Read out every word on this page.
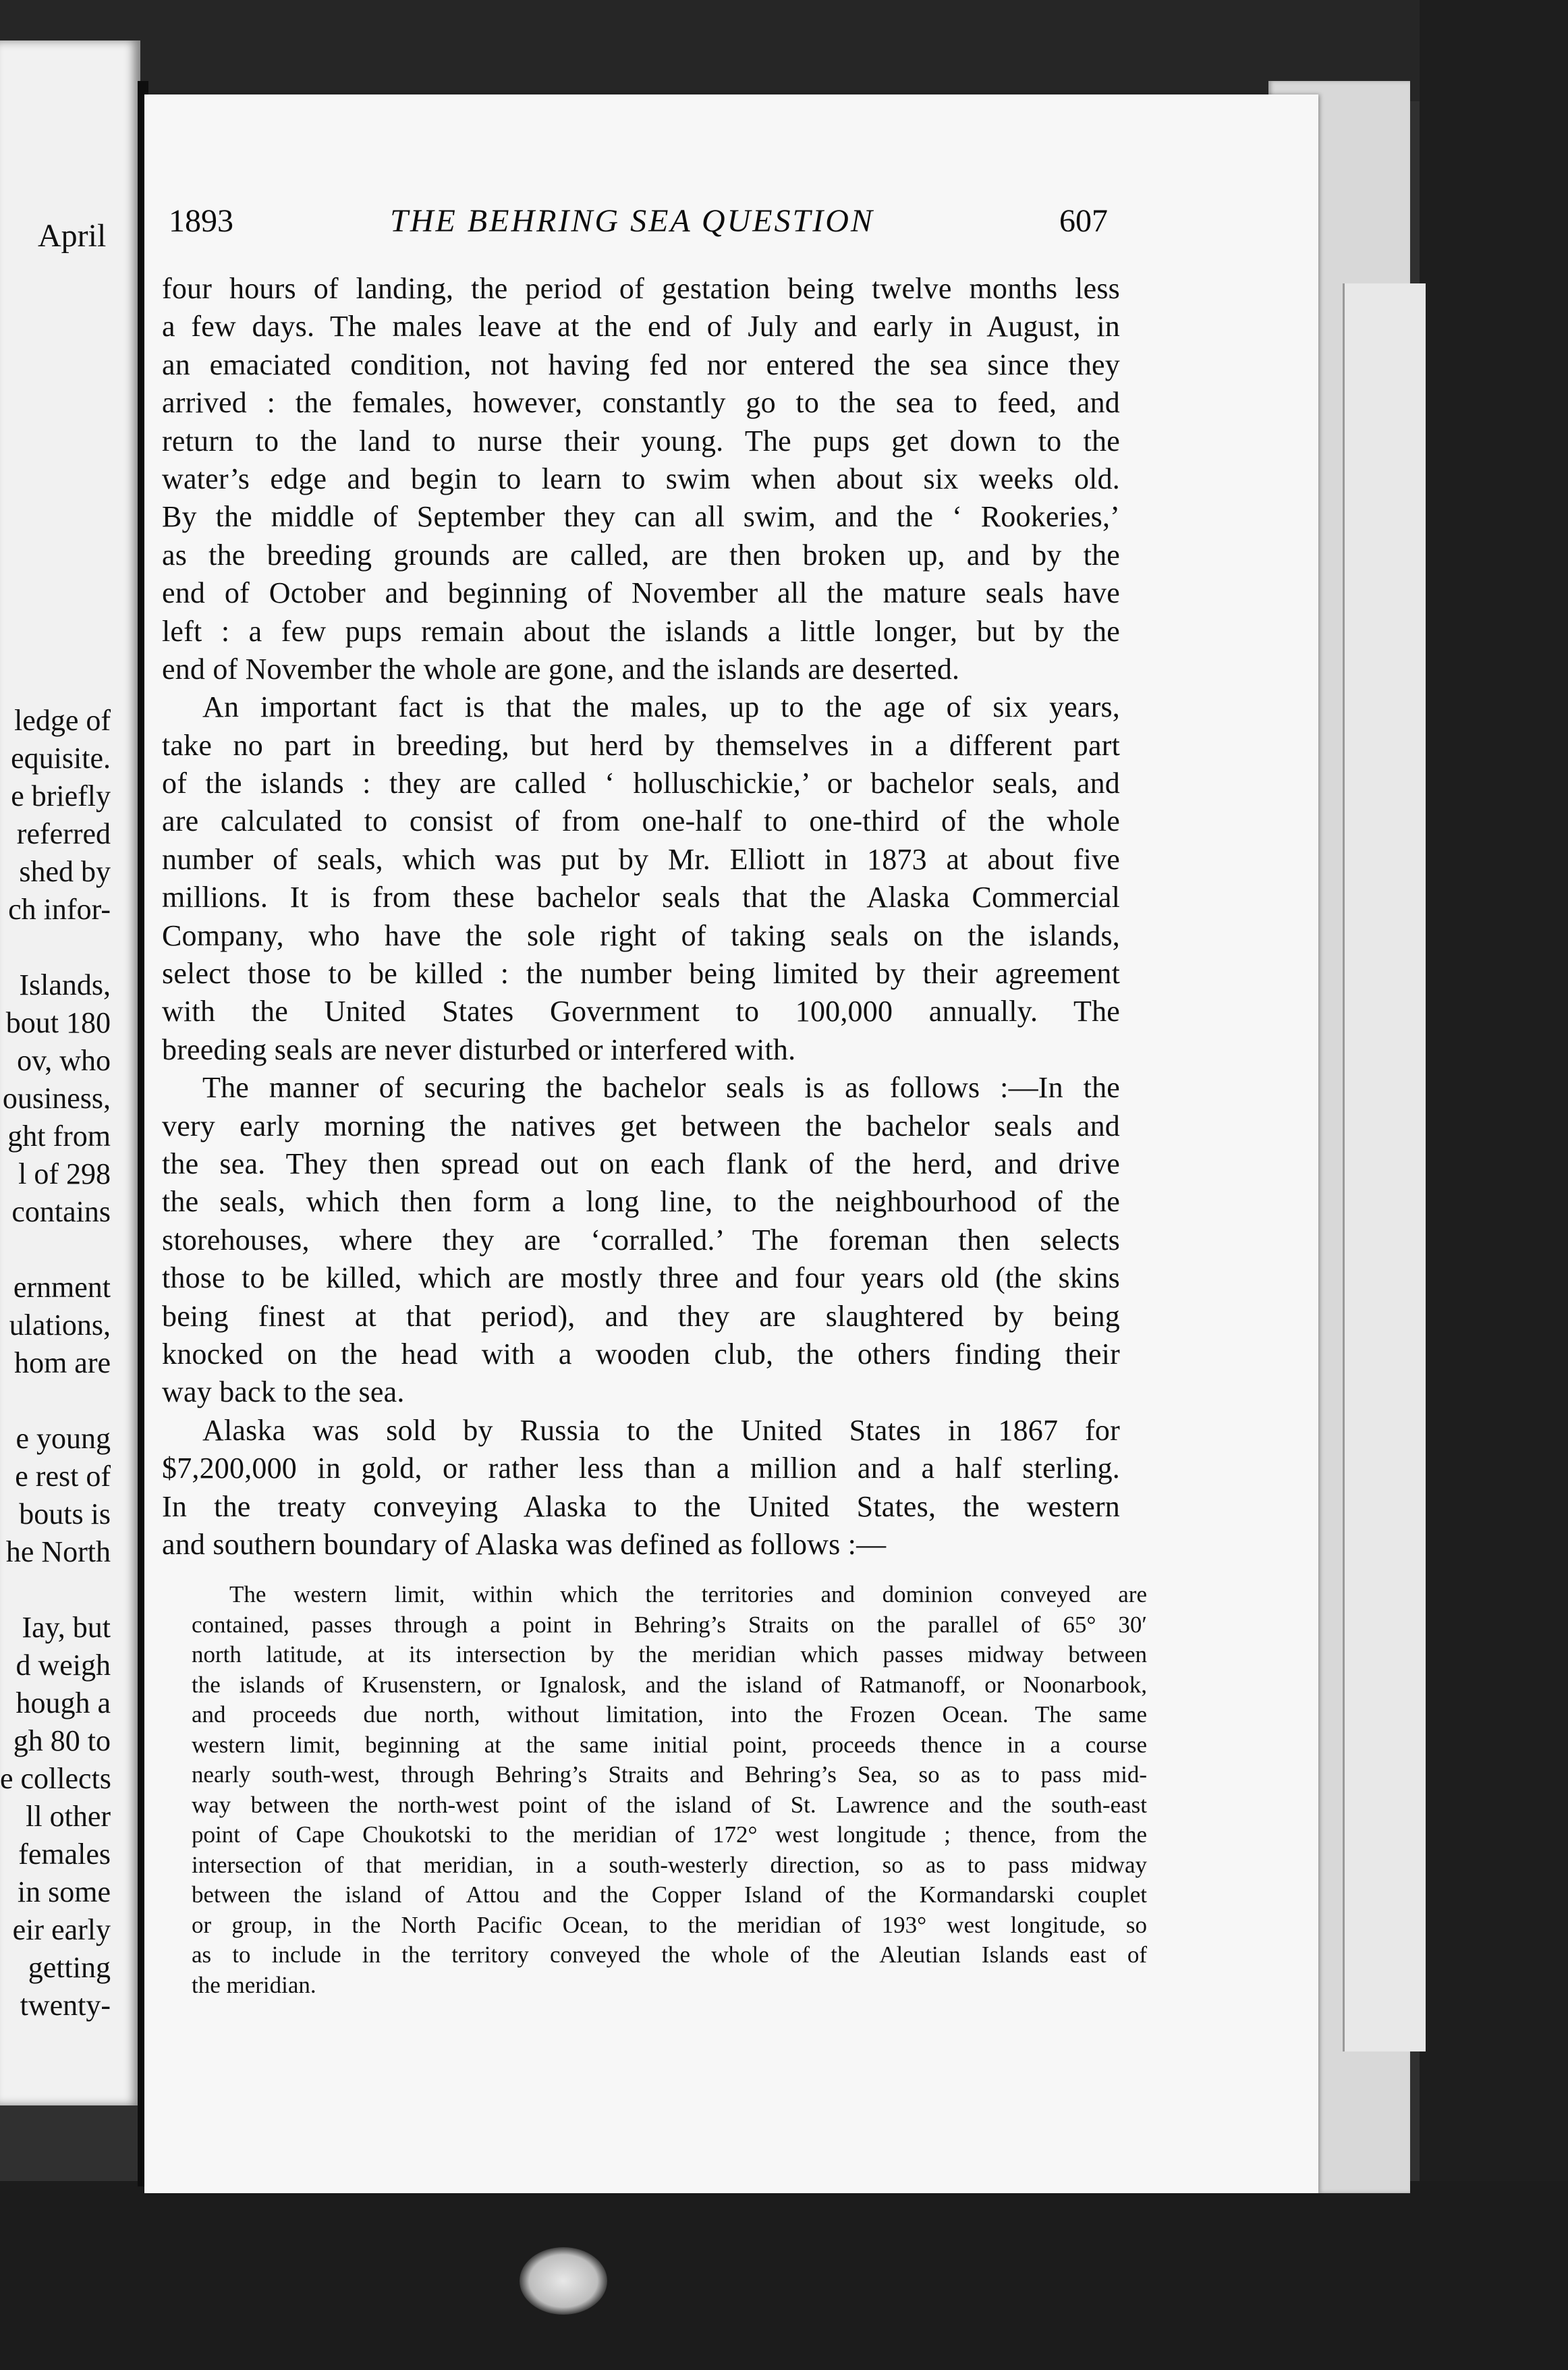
April
ledge of
equisite.
e briefly
referred
shed by
ch infor-
Islands,
bout 180
ov, who
ousiness,
ght from
l of 298
contains
ernment
ulations,
hom are
e young
e rest of
bouts is
he North
Iay, but
d weigh
hough a
gh 80 to
e collects
ll other
females
in some
eir early
getting
twenty-
1893	THE BEHRING SEA QUESTION	607
four hours of landing, the period of gestation being twelve months less
a few days. The males leave at the end of July and early in August, in
an emaciated condition, not having fed nor entered the sea since they
arrived : the females, however, constantly go to the sea to feed, and
return to the land to nurse their young. The pups get down to the
water’s edge and begin to learn to swim when about six weeks old.
By the middle of September they can all swim, and the ‘ Rookeries,’
as the breeding grounds are called, are then broken up, and by the
end of October and beginning of November all the mature seals have
left : a few pups remain about the islands a little longer, but by the
end of November the whole are gone, and the islands are deserted.
An important fact is that the males, up to the age of six years,
take no part in breeding, but herd by themselves in a different part
of the islands : they are called ‘ holluschickie,’ or bachelor seals, and
are calculated to consist of from one-half to one-third of the whole
number of seals, which was put by Mr. Elliott in 1873 at about five
millions. It is from these bachelor seals that the Alaska Commercial
Company, who have the sole right of taking seals on the islands,
select those to be killed : the number being limited by their agreement
with the United States Government to 100,000 annually. The
breeding seals are never disturbed or interfered with.
The manner of securing the bachelor seals is as follows :—In the
very early morning the natives get between the bachelor seals and
the sea. They then spread out on each flank of the herd, and drive
the seals, which then form a long line, to the neighbourhood of the
storehouses, where they are ‘corralled.’ The foreman then selects
those to be killed, which are mostly three and four years old (the skins
being finest at that period), and they are slaughtered by being
knocked on the head with a wooden club, the others finding their
way back to the sea.
Alaska was sold by Russia to the United States in 1867 for
$7,200,000 in gold, or rather less than a million and a half sterling.
In the treaty conveying Alaska to the United States, the western
and southern boundary of Alaska was defined as follows :—
The western limit, within which the territories and dominion conveyed are
contained, passes through a point in Behring’s Straits on the parallel of 65° 30′
north latitude, at its intersection by the meridian which passes midway between
the islands of Krusenstern, or Ignalosk, and the island of Ratmanoff, or Noonarbook,
and proceeds due north, without limitation, into the Frozen Ocean. The same
western limit, beginning at the same initial point, proceeds thence in a course
nearly south-west, through Behring’s Straits and Behring’s Sea, so as to pass mid-
way between the north-west point of the island of St. Lawrence and the south-east
point of Cape Choukotski to the meridian of 172° west longitude ; thence, from the
intersection of that meridian, in a south-westerly direction, so as to pass midway
between the island of Attou and the Copper Island of the Kormandarski couplet
or group, in the North Pacific Ocean, to the meridian of 193° west longitude, so
as to include in the territory conveyed the whole of the Aleutian Islands east of
the meridian.
